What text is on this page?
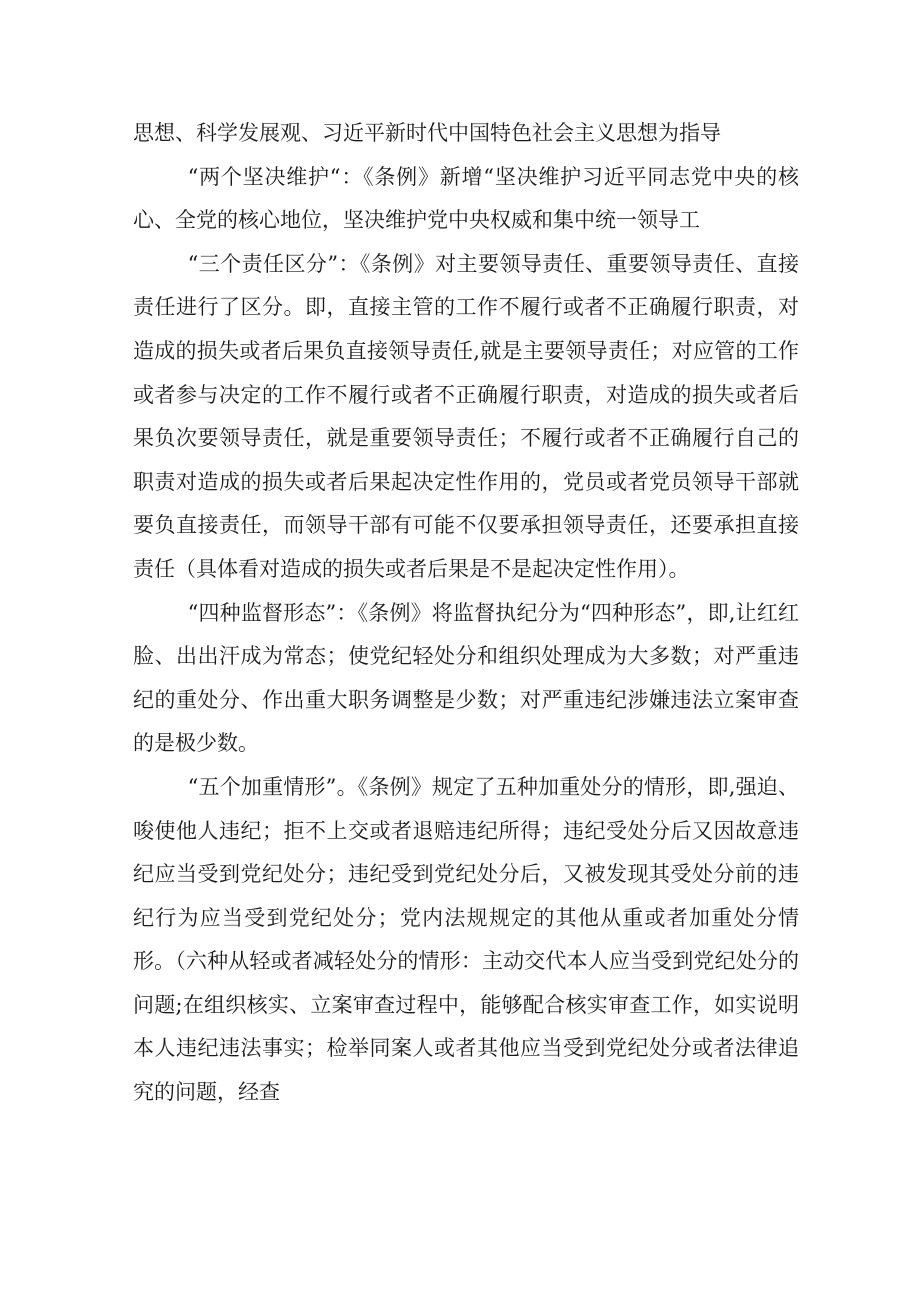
思想、科学发展观、习近平新时代中国特色社会主义思想为指导

“两个坚决维护“：《条例》新增“坚决维护习近平同志党中央的核心、全党的核心地位，坚决维护党中央权威和集中统一领导工

“三个责任区分”：《条例》对主要领导责任、重要领导责任、直接责任进行了区分。即，直接主管的工作不履行或者不正确履行职责，对造成的损失或者后果负直接领导责任,就是主要领导责任；对应管的工作或者参与决定的工作不履行或者不正确履行职责，对造成的损失或者后果负次要领导责任，就是重要领导责任；不履行或者不正确履行自己的职责对造成的损失或者后果起决定性作用的，党员或者党员领导干部就要负直接责任，而领导干部有可能不仅要承担领导责任，还要承担直接责任（具体看对造成的损失或者后果是不是起决定性作用）。

“四种监督形态”：《条例》将监督执纪分为“四种形态”，即,让红红脸、出出汗成为常态；使党纪轻处分和组织处理成为大多数；对严重违纪的重处分、作出重大职务调整是少数；对严重违纪涉嫌违法立案审查的是极少数。

“五个加重情形”。《条例》规定了五种加重处分的情形，即,强迫、唆使他人违纪；拒不上交或者退赔违纪所得；违纪受处分后又因故意违纪应当受到党纪处分；违纪受到党纪处分后，又被发现其受处分前的违纪行为应当受到党纪处分；党内法规规定的其他从重或者加重处分情形。（六种从轻或者减轻处分的情形：主动交代本人应当受到党纪处分的问题;在组织核实、立案审查过程中，能够配合核实审查工作，如实说明本人违纪违法事实；检举同案人或者其他应当受到党纪处分或者法律追究的问题，经查
